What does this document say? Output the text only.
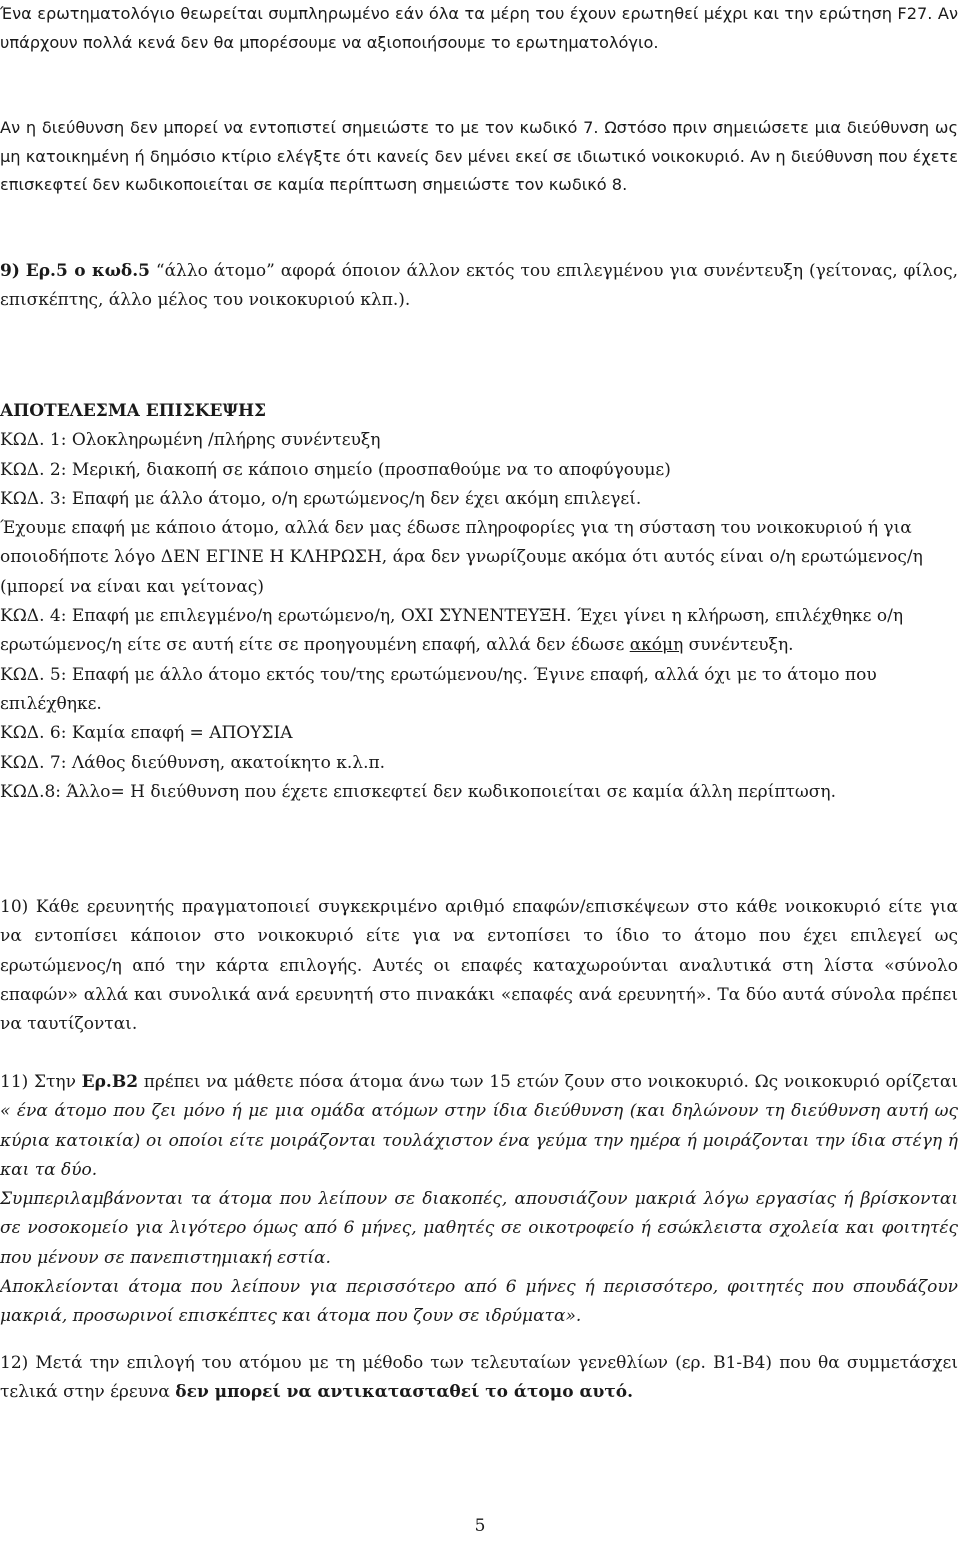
Ένα ερωτηματολόγιο θεωρείται συμπληρωμένο εάν όλα τα μέρη του έχουν ερωτηθεί μέχρι και την ερώτηση F27. Αν υπάρχουν πολλά κενά δεν θα μπορέσουμε να αξιοποιήσουμε το ερωτηματολόγιο.

Αν η διεύθυνση δεν μπορεί να εντοπιστεί σημειώστε το με τον κωδικό 7. Ωστόσο πριν σημειώσετε μια διεύθυνση ως μη κατοικημένη ή δημόσιο κτίριο ελέγξτε ότι κανείς δεν μένει εκεί σε ιδιωτικό νοικοκυριό. Αν η διεύθυνση που έχετε επισκεφτεί δεν κωδικοποιείται σε καμία περίπτωση σημειώστε τον κωδικό 8.

9) Ερ.5 ο κωδ.5 “άλλο άτομο” αφορά όποιον άλλον εκτός του επιλεγμένου για συνέντευξη (γείτονας, φίλος, επισκέπτης, άλλο μέλος του νοικοκυριού κλπ.).

ΑΠΟΤΕΛΕΣΜΑ ΕΠΙΣΚΕΨΗΣ
ΚΩΔ. 1: Ολοκληρωμένη /πλήρης συνέντευξη
ΚΩΔ. 2: Μερική, διακοπή σε κάποιο σημείο (προσπαθούμε να το αποφύγουμε)
ΚΩΔ. 3: Επαφή με άλλο άτομο, ο/η ερωτώμενος/η δεν έχει ακόμη επιλεγεί.
Έχουμε επαφή με κάποιο άτομο, αλλά δεν μας έδωσε πληροφορίες για τη σύσταση του νοικοκυριού ή για οποιοδήποτε λόγο ΔΕΝ ΕΓΙΝΕ Η ΚΛΗΡΩΣΗ, άρα δεν γνωρίζουμε ακόμα ότι αυτός είναι ο/η ερωτώμενος/η (μπορεί να είναι και γείτονας)
ΚΩΔ. 4: Επαφή με επιλεγμένο/η ερωτώμενο/η, ΟΧΙ ΣΥΝΕΝΤΕΥΞΗ. Έχει γίνει η κλήρωση, επιλέχθηκε ο/η ερωτώμενος/η είτε σε αυτή είτε σε προηγουμένη επαφή, αλλά δεν έδωσε ακόμη συνέντευξη.
ΚΩΔ. 5: Επαφή με άλλο άτομο εκτός του/της ερωτώμενου/ης. Έγινε επαφή, αλλά όχι με το άτομο που επιλέχθηκε.
ΚΩΔ. 6: Καμία επαφή = ΑΠΟΥΣΙΑ
ΚΩΔ. 7: Λάθος διεύθυνση, ακατοίκητο κ.λ.π.
ΚΩΔ.8: Άλλο= Η διεύθυνση που έχετε επισκεφτεί δεν κωδικοποιείται σε καμία άλλη περίπτωση.

10) Κάθε ερευνητής πραγματοποιεί συγκεκριμένο αριθμό επαφών/επισκέψεων στο κάθε νοικοκυριό είτε για να εντοπίσει κάποιον στο νοικοκυριό είτε για να εντοπίσει το ίδιο το άτομο που έχει επιλεγεί ως ερωτώμενος/η από την κάρτα επιλογής. Αυτές οι επαφές καταχωρούνται αναλυτικά στη λίστα «σύνολο επαφών» αλλά και συνολικά ανά ερευνητή στο πινακάκι «επαφές ανά ερευνητή». Τα δύο αυτά σύνολα πρέπει να ταυτίζονται.

11) Στην Ερ.Β2 πρέπει να μάθετε πόσα άτομα άνω των 15 ετών ζουν στο νοικοκυριό. Ως νοικοκυριό ορίζεται « ένα άτομο που ζει μόνο ή με μια ομάδα ατόμων στην ίδια διεύθυνση (και δηλώνουν τη διεύθυνση αυτή ως κύρια κατοικία) οι οποίοι είτε μοιράζονται τουλάχιστον ένα γεύμα την ημέρα ή μοιράζονται την ίδια στέγη ή και τα δύο.
Συμπεριλαμβάνονται τα άτομα που λείπουν σε διακοπές, απουσιάζουν μακριά λόγω εργασίας ή βρίσκονται σε νοσοκομείο για λιγότερο όμως από 6 μήνες, μαθητές σε οικοτροφείο ή εσώκλειστα σχολεία και φοιτητές που μένουν σε πανεπιστημιακή εστία.
Αποκλείονται άτομα που λείπουν για περισσότερο από 6 μήνες ή περισσότερο, φοιτητές που σπουδάζουν μακριά, προσωρινοί επισκέπτες και άτομα που ζουν σε ιδρύματα».

12) Μετά την επιλογή του ατόμου με τη μέθοδο των τελευταίων γενεθλίων (ερ. Β1-Β4) που θα συμμετάσχει τελικά στην έρευνα δεν μπορεί να αντικατασταθεί το άτομο αυτό.

5
